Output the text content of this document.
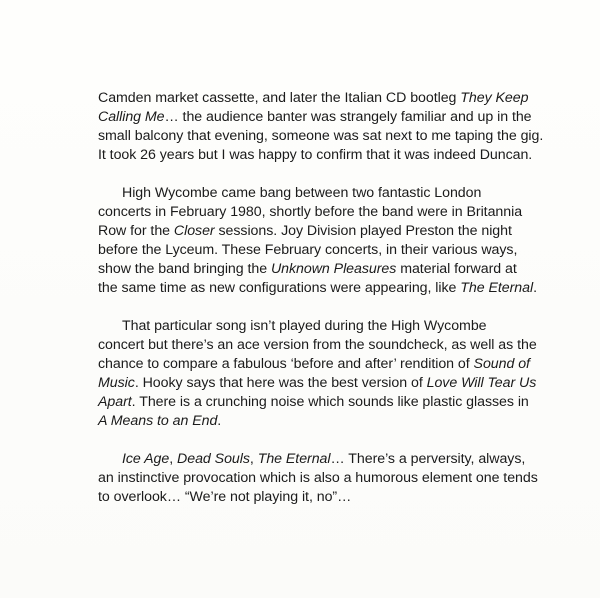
Camden market cassette, and later the Italian CD bootleg They Keep
Calling Me… the audience banter was strangely familiar and up in the
small balcony that evening, someone was sat next to me taping the gig.
It took 26 years but I was happy to confirm that it was indeed Duncan.

High Wycombe came bang between two fantastic London
concerts in February 1980, shortly before the band were in Britannia
Row for the Closer sessions. Joy Division played Preston the night
before the Lyceum. These February concerts, in their various ways,
show the band bringing the Unknown Pleasures material forward at
the same time as new configurations were appearing, like The Eternal.

That particular song isn’t played during the High Wycombe
concert but there’s an ace version from the soundcheck, as well as the
chance to compare a fabulous ‘before and after’ rendition of Sound of
Music. Hooky says that here was the best version of Love Will Tear Us
Apart. There is a crunching noise which sounds like plastic glasses in
A Means to an End.

Ice Age, Dead Souls, The Eternal… There’s a perversity, always,
an instinctive provocation which is also a humorous element one tends
to overlook… “We’re not playing it, no”…
